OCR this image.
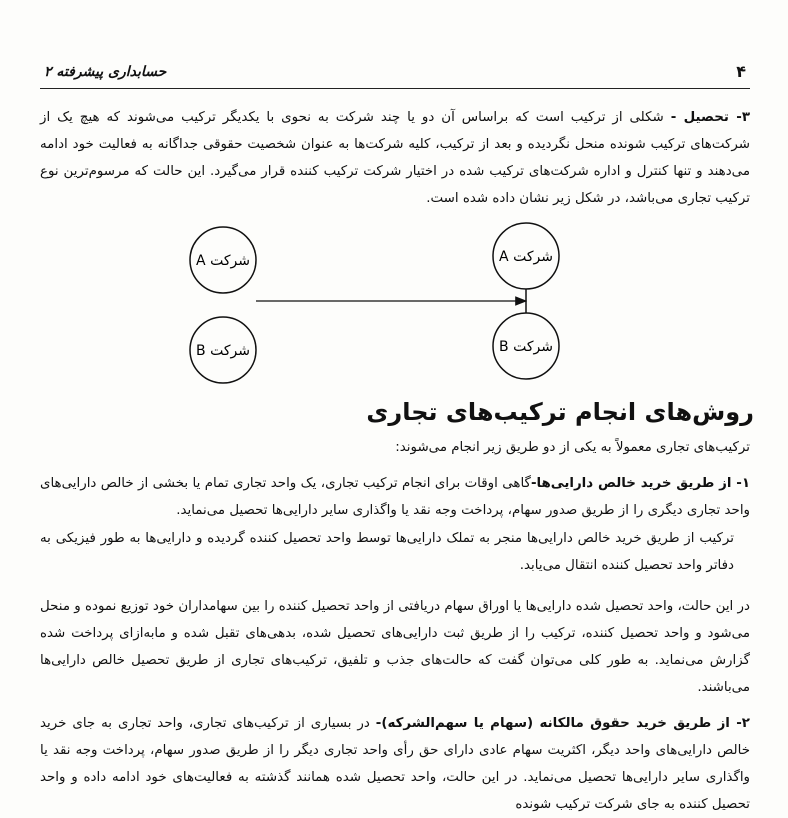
حسابداری پیشرفته ۲	۴
۳- تحصیل - شکلی از ترکیب است که براساس آن دو یا چند شرکت به نحوی با یکدیگر ترکیب می‌شوند که هیچ یک از شرکت‌های ترکیب شونده منحل نگردیده و بعد از ترکیب، کلیه شرکت‌ها به عنوان شخصیت حقوقی جداگانه به فعالیت خود ادامه می‌دهند و تنها کنترل و اداره شرکت‌های ترکیب شده در اختیار شرکت ترکیب کننده قرار می‌گیرد. این حالت که مرسوم‌ترین نوع ترکیب تجاری می‌باشد، در شکل زیر نشان داده شده است.
شرکت A
شرکت B
شرکت A
شرکت B
روش‌های انجام ترکیب‌های تجاری
ترکیب‌های تجاری معمولاً به یکی از دو طریق زیر انجام می‌شوند:
۱- از طریق خرید خالص دارایی‌ها-گاهی اوقات برای انجام ترکیب تجاری، یک واحد تجاری تمام یا بخشی از خالص دارایی‌های واحد تجاری دیگری را از طریق صدور سهام، پرداخت وجه نقد یا واگذاری سایر دارایی‌ها تحصیل می‌نماید.
ترکیب از طریق خرید خالص دارایی‌ها منجر به تملک دارایی‌ها توسط واحد تحصیل کننده گردیده و دارایی‌ها به طور فیزیکی به دفاتر واحد تحصیل کننده انتقال می‌یابد.
در این حالت، واحد تحصیل شده دارایی‌ها یا اوراق سهام دریافتی از واحد تحصیل کننده را بین سهامداران خود توزیع نموده و منحل می‌شود و واحد تحصیل کننده، ترکیب را از طریق ثبت دارایی‌های تحصیل شده، بدهی‌های تقبل شده و مابه‌ازای پرداخت شده گزارش می‌نماید. به طور کلی می‌توان گفت که حالت‌های جذب و تلفیق، ترکیب‌های تجاری از طریق تحصیل خالص دارایی‌ها می‌باشند.
۲- از طریق خرید حقوق مالکانه (سهام یا سهم‌الشرکه)- در بسیاری از ترکیب‌های تجاری، واحد تجاری به جای خرید خالص دارایی‌های واحد دیگر، اکثریت سهام عادی دارای حق رأی واحد تجاری دیگر را از طریق صدور سهام، پرداخت وجه نقد یا واگذاری سایر دارایی‌ها تحصیل می‌نماید. در این حالت، واحد تحصیل شده همانند گذشته به فعالیت‌های خود ادامه داده و واحد تحصیل کننده به جای شرکت ترکیب شونده
